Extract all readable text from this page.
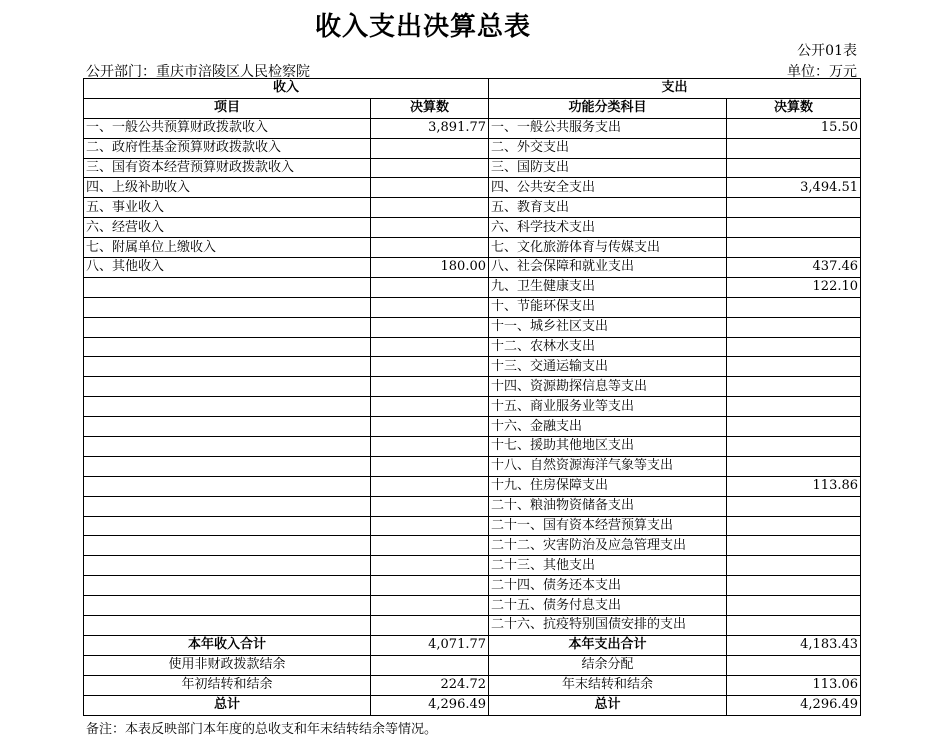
收入支出决算总表
公开01表
公开部门：重庆市涪陵区人民检察院	单位：万元
收入		支出	
项目	决算数	功能分类科目	决算数
一、一般公共预算财政拨款收入	3,891.77	一、一般公共服务支出	15.50
二、政府性基金预算财政拨款收入		二、外交支出	
三、国有资本经营预算财政拨款收入		三、国防支出	
四、上级补助收入		四、公共安全支出	3,494.51
五、事业收入		五、教育支出	
六、经营收入		六、科学技术支出	
七、附属单位上缴收入		七、文化旅游体育与传媒支出	
八、其他收入	180.00	八、社会保障和就业支出	437.46
		九、卫生健康支出	122.10
		十、节能环保支出	
		十一、城乡社区支出	
		十二、农林水支出	
		十三、交通运输支出	
		十四、资源勘探信息等支出	
		十五、商业服务业等支出	
		十六、金融支出	
		十七、援助其他地区支出	
		十八、自然资源海洋气象等支出	
		十九、住房保障支出	113.86
		二十、粮油物资储备支出	
		二十一、国有资本经营预算支出	
		二十二、灾害防治及应急管理支出	
		二十三、其他支出	
		二十四、债务还本支出	
		二十五、债务付息支出	
		二十六、抗疫特别国债安排的支出	
本年收入合计	4,071.77	本年支出合计	4,183.43
使用非财政拨款结余		结余分配	
年初结转和结余	224.72	年末结转和结余	113.06
总计	4,296.49	总计	4,296.49
备注：本表反映部门本年度的总收支和年末结转结余等情况。
